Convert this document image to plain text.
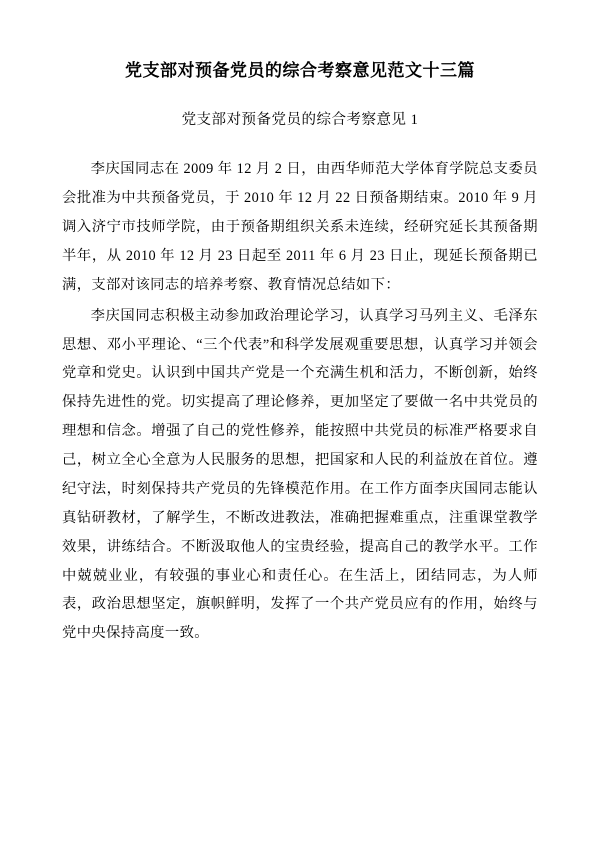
党支部对预备党员的综合考察意见范文十三篇
党支部对预备党员的综合考察意见 1

李庆国同志在 2009 年 12 月 2 日，由西华师范大学体育学院总支委员会批准为中共预备党员，于 2010 年 12 月 22 日预备期结束。2010 年 9 月调入济宁市技师学院，由于预备期组织关系未连续，经研究延长其预备期半年，从 2010 年 12 月 23 日起至 2011 年 6 月 23 日止，现延长预备期已满，支部对该同志的培养考察、教育情况总结如下：

李庆国同志积极主动参加政治理论学习，认真学习马列主义、毛泽东思想、邓小平理论、“三个代表”和科学发展观重要思想，认真学习并领会党章和党史。认识到中国共产党是一个充满生机和活力，不断创新，始终保持先进性的党。切实提高了理论修养，更加坚定了要做一名中共党员的理想和信念。增强了自己的党性修养，能按照中共党员的标准严格要求自己，树立全心全意为人民服务的思想，把国家和人民的利益放在首位。遵纪守法，时刻保持共产党员的先锋模范作用。在工作方面李庆国同志能认真钻研教材，了解学生，不断改进教法，准确把握难重点，注重课堂教学效果，讲练结合。不断汲取他人的宝贵经验，提高自己的教学水平。工作中兢兢业业，有较强的事业心和责任心。在生活上，团结同志，为人师表，政治思想坚定，旗帜鲜明，发挥了一个共产党员应有的作用，始终与党中央保持高度一致。
